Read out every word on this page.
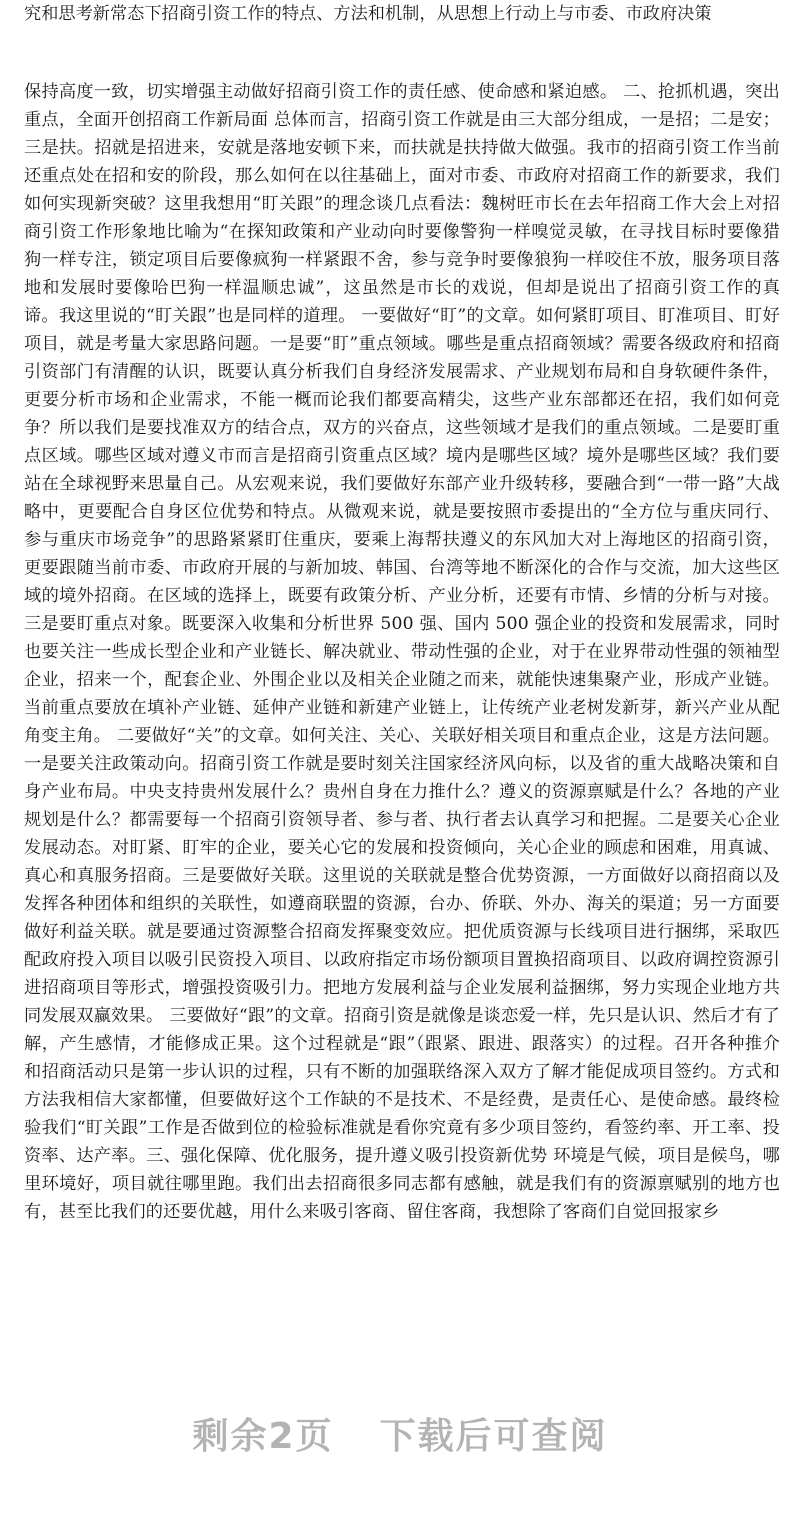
究和思考新常态下招商引资工作的特点、方法和机制，从思想上行动上与市委、市政府决策

保持高度一致，切实增强主动做好招商引资工作的责任感、使命感和紧迫感。 二、抢抓机遇，突出重点，全面开创招商工作新局面 总体而言，招商引资工作就是由三大部分组成，一是招；二是安；三是扶。招就是招进来，安就是落地安顿下来，而扶就是扶持做大做强。我市的招商引资工作当前还重点处在招和安的阶段，那么如何在以往基础上，面对市委、市政府对招商工作的新要求，我们如何实现新突破？这里我想用“盯关跟”的理念谈几点看法：魏树旺市长在去年招商工作大会上对招商引资工作形象地比喻为“在探知政策和产业动向时要像警狗一样嗅觉灵敏，在寻找目标时要像猎狗一样专注，锁定项目后要像疯狗一样紧跟不舍，参与竞争时要像狼狗一样咬住不放，服务项目落地和发展时要像哈巴狗一样温顺忠诚”，这虽然是市长的戏说，但却是说出了招商引资工作的真谛。我这里说的“盯关跟”也是同样的道理。 一要做好“盯”的文章。如何紧盯项目、盯准项目、盯好项目，就是考量大家思路问题。一是要“盯”重点领域。哪些是重点招商领域？需要各级政府和招商引资部门有清醒的认识，既要认真分析我们自身经济发展需求、产业规划布局和自身软硬件条件，更要分析市场和企业需求，不能一概而论我们都要高精尖，这些产业东部都还在招，我们如何竞争？所以我们是要找准双方的结合点，双方的兴奋点，这些领域才是我们的重点领域。二是要盯重点区域。哪些区域对遵义市而言是招商引资重点区域？境内是哪些区域？境外是哪些区域？我们要站在全球视野来思量自己。从宏观来说，我们要做好东部产业升级转移，要融合到“一带一路”大战略中，更要配合自身区位优势和特点。从微观来说，就是要按照市委提出的“全方位与重庆同行、参与重庆市场竞争”的思路紧紧盯住重庆，要乘上海帮扶遵义的东风加大对上海地区的招商引资，更要跟随当前市委、市政府开展的与新加坡、韩国、台湾等地不断深化的合作与交流，加大这些区域的境外招商。在区域的选择上，既要有政策分析、产业分析，还要有市情、乡情的分析与对接。三是要盯重点对象。既要深入收集和分析世界 500 强、国内 500 强企业的投资和发展需求，同时也要关注一些成长型企业和产业链长、解决就业、带动性强的企业，对于在业界带动性强的领袖型企业，招来一个，配套企业、外围企业以及相关企业随之而来，就能快速集聚产业，形成产业链。当前重点要放在填补产业链、延伸产业链和新建产业链上，让传统产业老树发新芽，新兴产业从配角变主角。 二要做好“关”的文章。如何关注、关心、关联好相关项目和重点企业，这是方法问题。一是要关注政策动向。招商引资工作就是要时刻关注国家经济风向标，以及省的重大战略决策和自身产业布局。中央支持贵州发展什么？贵州自身在力推什么？遵义的资源禀赋是什么？各地的产业规划是什么？都需要每一个招商引资领导者、参与者、执行者去认真学习和把握。二是要关心企业发展动态。对盯紧、盯牢的企业，要关心它的发展和投资倾向，关心企业的顾虑和困难，用真诚、真心和真服务招商。三是要做好关联。这里说的关联就是整合优势资源，一方面做好以商招商以及发挥各种团体和组织的关联性，如遵商联盟的资源，台办、侨联、外办、海关的渠道；另一方面要做好利益关联。就是要通过资源整合招商发挥聚变效应。把优质资源与长线项目进行捆绑，采取匹配政府投入项目以吸引民资投入项目、以政府指定市场份额项目置换招商项目、以政府调控资源引进招商项目等形式，增强投资吸引力。把地方发展利益与企业发展利益捆绑，努力实现企业地方共同发展双赢效果。 三要做好“跟”的文章。招商引资是就像是谈恋爱一样，先只是认识、然后才有了解，产生感情，才能修成正果。这个过程就是“跟”（跟紧、跟进、跟落实）的过程。召开各种推介和招商活动只是第一步认识的过程，只有不断的加强联络深入双方了解才能促成项目签约。方式和方法我相信大家都懂，但要做好这个工作缺的不是技术、不是经费，是责任心、是使命感。最终检验我们“盯关跟”工作是否做到位的检验标准就是看你究竟有多少项目签约，看签约率、开工率、投资率、达产率。三、强化保障、优化服务，提升遵义吸引投资新优势 环境是气候，项目是候鸟，哪里环境好，项目就往哪里跑。我们出去招商很多同志都有感触，就是我们有的资源禀赋别的地方也有，甚至比我们的还要优越，用什么来吸引客商、留住客商，我想除了客商们自觉回报家乡

剩余2页 下载后可查阅
